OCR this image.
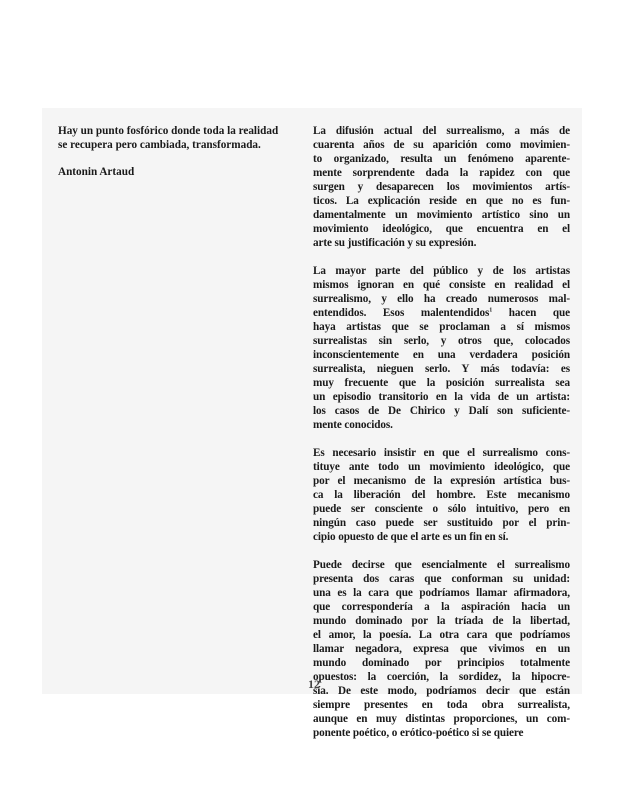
Hay un punto fosfórico donde toda la realidad
se recupera pero cambiada, transformada.

Antonin Artaud

La difusión actual del surrealismo, a más de
cuarenta años de su aparición como movimien-
to organizado, resulta un fenómeno aparente-
mente sorprendente dada la rapidez con que
surgen y desaparecen los movimientos artís-
ticos. La explicación reside en que no es fun-
damentalmente un movimiento artístico sino un
movimiento ideológico, que encuentra en el
arte su justificación y su expresión.

La mayor parte del público y de los artistas
mismos ignoran en qué consiste en realidad el
surrealismo, y ello ha creado numerosos mal-
entendidos. Esos malentendidos$^1$ hacen que
haya artistas que se proclaman a sí mismos
surrealistas sin serlo, y otros que, colocados
inconscientemente en una verdadera posición
surrealista, nieguen serlo. Y más todavía: es
muy frecuente que la posición surrealista sea
un episodio transitorio en la vida de un artista:
los casos de De Chirico y Dalí son suficiente-
mente conocidos.

Es necesario insistir en que el surrealismo cons-
tituye ante todo un movimiento ideológico, que
por el mecanismo de la expresión artística bus-
ca la liberación del hombre. Este mecanismo
puede ser consciente o sólo intuitivo, pero en
ningún caso puede ser sustituido por el prin-
cipio opuesto de que el arte es un fin en sí.

Puede decirse que esencialmente el surrealismo
presenta dos caras que conforman su unidad:
una es la cara que podríamos llamar afirmadora,
que correspondería a la aspiración hacia un
mundo dominado por la tríada de la libertad,
el amor, la poesía. La otra cara que podríamos
llamar negadora, expresa que vivimos en un
mundo dominado por principios totalmente
opuestos: la coerción, la sordidez, la hipocre-
sía. De este modo, podríamos decir que están
siempre presentes en toda obra surrealista,
aunque en muy distintas proporciones, un com-
ponente poético, o erótico-poético si se quiere

12
